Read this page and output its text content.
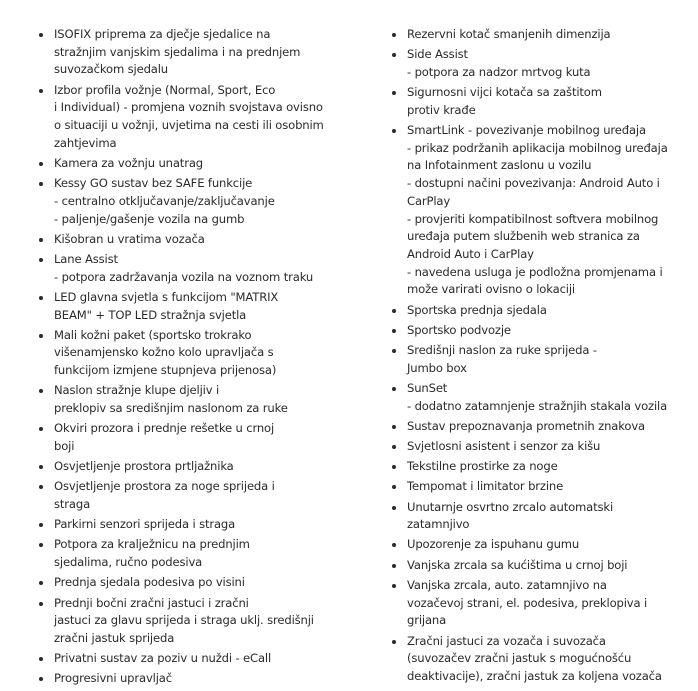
ISOFIX priprema za dječje sjedalice na
stražnjim vanjskim sjedalima i na prednjem
suvozačkom sjedalu
Izbor profila vožnje (Normal, Sport, Eco
i Individual) - promjena voznih svojstava ovisno
o situaciji u vožnji, uvjetima na cesti ili osobnim
zahtjevima
Kamera za vožnju unatrag
Kessy GO sustav bez SAFE funkcije
- centralno otključavanje/zaključavanje
- paljenje/gašenje vozila na gumb
Kišobran u vratima vozača
Lane Assist
- potpora zadržavanja vozila na voznom traku
LED glavna svjetla s funkcijom "MATRIX
BEAM" + TOP LED stražnja svjetla
Mali kožni paket (sportsko trokrako
višenamjensko kožno kolo upravljača s
funkcijom izmjene stupnjeva prijenosa)
Naslon stražnje klupe djeljiv i
preklopiv sa središnjim naslonom za ruke
Okviri prozora i prednje rešetke u crnoj
boji
Osvjetljenje prostora prtljažnika
Osvjetljenje prostora za noge sprijeda i
straga
Parkirni senzori sprijeda i straga
Potpora za kralježnicu na prednjim
sjedalima, ručno podesiva
Prednja sjedala podesiva po visini
Prednji bočni zračni jastuci i zračni
jastuci za glavu sprijeda i straga uklj. središnji
zračni jastuk sprijeda
Privatni sustav za poziv u nuždi - eCall
Progresivni upravljač
Rezervni kotač smanjenih dimenzija
Side Assist
- potpora za nadzor mrtvog kuta
Sigurnosni vijci kotača sa zaštitom
protiv krađe
SmartLink - povezivanje mobilnog uređaja
- prikaz podržanih aplikacija mobilnog uređaja
na Infotainment zaslonu u vozilu
- dostupni načini povezivanja: Android Auto i
CarPlay
- provjeriti kompatibilnost softvera mobilnog
uređaja putem službenih web stranica za
Android Auto i CarPlay
- navedena usluga je podložna promjenama i
može varirati ovisno o lokaciji
Sportska prednja sjedala
Sportsko podvozje
Središnji naslon za ruke sprijeda -
Jumbo box
SunSet
- dodatno zatamnjenje stražnjih stakala vozila
Sustav prepoznavanja prometnih znakova
Svjetlosni asistent i senzor za kišu
Tekstilne prostirke za noge
Tempomat i limitator brzine
Unutarnje osvrtno zrcalo automatski
zatamnjivo
Upozorenje za ispuhanu gumu
Vanjska zrcala sa kućištima u crnoj boji
Vanjska zrcala, auto. zatamnjivo na
vozačevoj strani, el. podesiva, preklopiva i
grijana
Zračni jastuci za vozača i suvozača
(suvozačev zračni jastuk s mogućnošću
deaktivacije), zračni jastuk za koljena vozača
